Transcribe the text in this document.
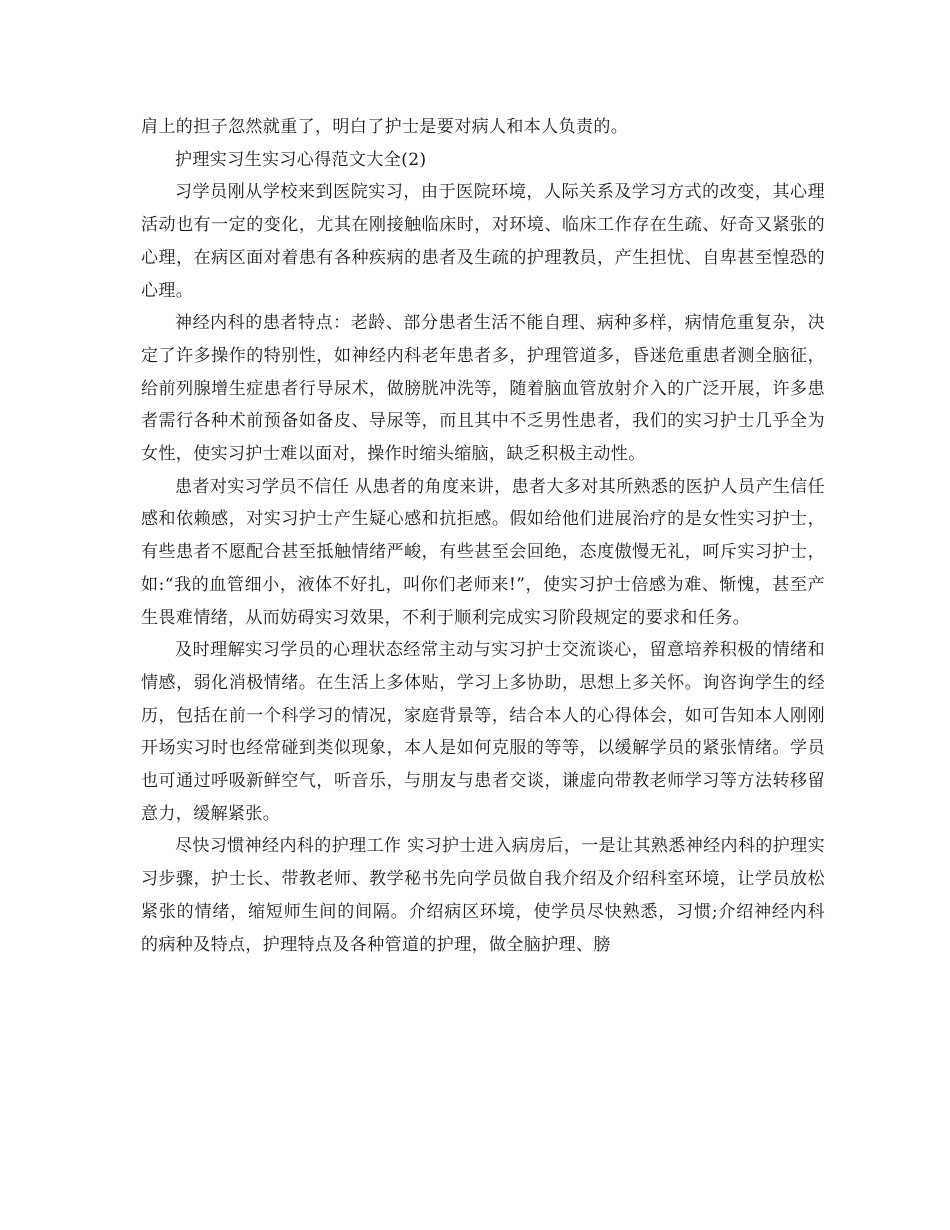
肩上的担子忽然就重了，明白了护士是要对病人和本人负责的。

护理实习生实习心得范文大全(2)

习学员刚从学校来到医院实习，由于医院环境，人际关系及学习方式的改变，其心理活动也有一定的变化，尤其在刚接触临床时，对环境、临床工作存在生疏、好奇又紧张的心理，在病区面对着患有各种疾病的患者及生疏的护理教员，产生担忧、自卑甚至惶恐的心理。

神经内科的患者特点：老龄、部分患者生活不能自理、病种多样，病情危重复杂，决定了许多操作的特别性，如神经内科老年患者多，护理管道多，昏迷危重患者测全脑征，给前列腺增生症患者行导尿术，做膀胱冲洗等，随着脑血管放射介入的广泛开展，许多患者需行各种术前预备如备皮、导尿等，而且其中不乏男性患者，我们的实习护士几乎全为女性，使实习护士难以面对，操作时缩头缩脑，缺乏积极主动性。

患者对实习学员不信任 从患者的角度来讲，患者大多对其所熟悉的医护人员产生信任感和依赖感，对实习护士产生疑心感和抗拒感。假如给他们进展治疗的是女性实习护士，有些患者不愿配合甚至抵触情绪严峻，有些甚至会回绝，态度傲慢无礼，呵斥实习护士，如:“我的血管细小，液体不好扎，叫你们老师来!”，使实习护士倍感为难、惭愧，甚至产生畏难情绪，从而妨碍实习效果，不利于顺利完成实习阶段规定的要求和任务。

及时理解实习学员的心理状态经常主动与实习护士交流谈心，留意培养积极的情绪和情感，弱化消极情绪。在生活上多体贴，学习上多协助，思想上多关怀。询咨询学生的经历，包括在前一个科学习的情况，家庭背景等，结合本人的心得体会，如可告知本人刚刚开场实习时也经常碰到类似现象，本人是如何克服的等等，以缓解学员的紧张情绪。学员也可通过呼吸新鲜空气，听音乐，与朋友与患者交谈，谦虚向带教老师学习等方法转移留意力，缓解紧张。

尽快习惯神经内科的护理工作 实习护士进入病房后，一是让其熟悉神经内科的护理实习步骤，护士长、带教老师、教学秘书先向学员做自我介绍及介绍科室环境，让学员放松紧张的情绪，缩短师生间的间隔。介绍病区环境，使学员尽快熟悉，习惯;介绍神经内科的病种及特点，护理特点及各种管道的护理，做全脑护理、膀
